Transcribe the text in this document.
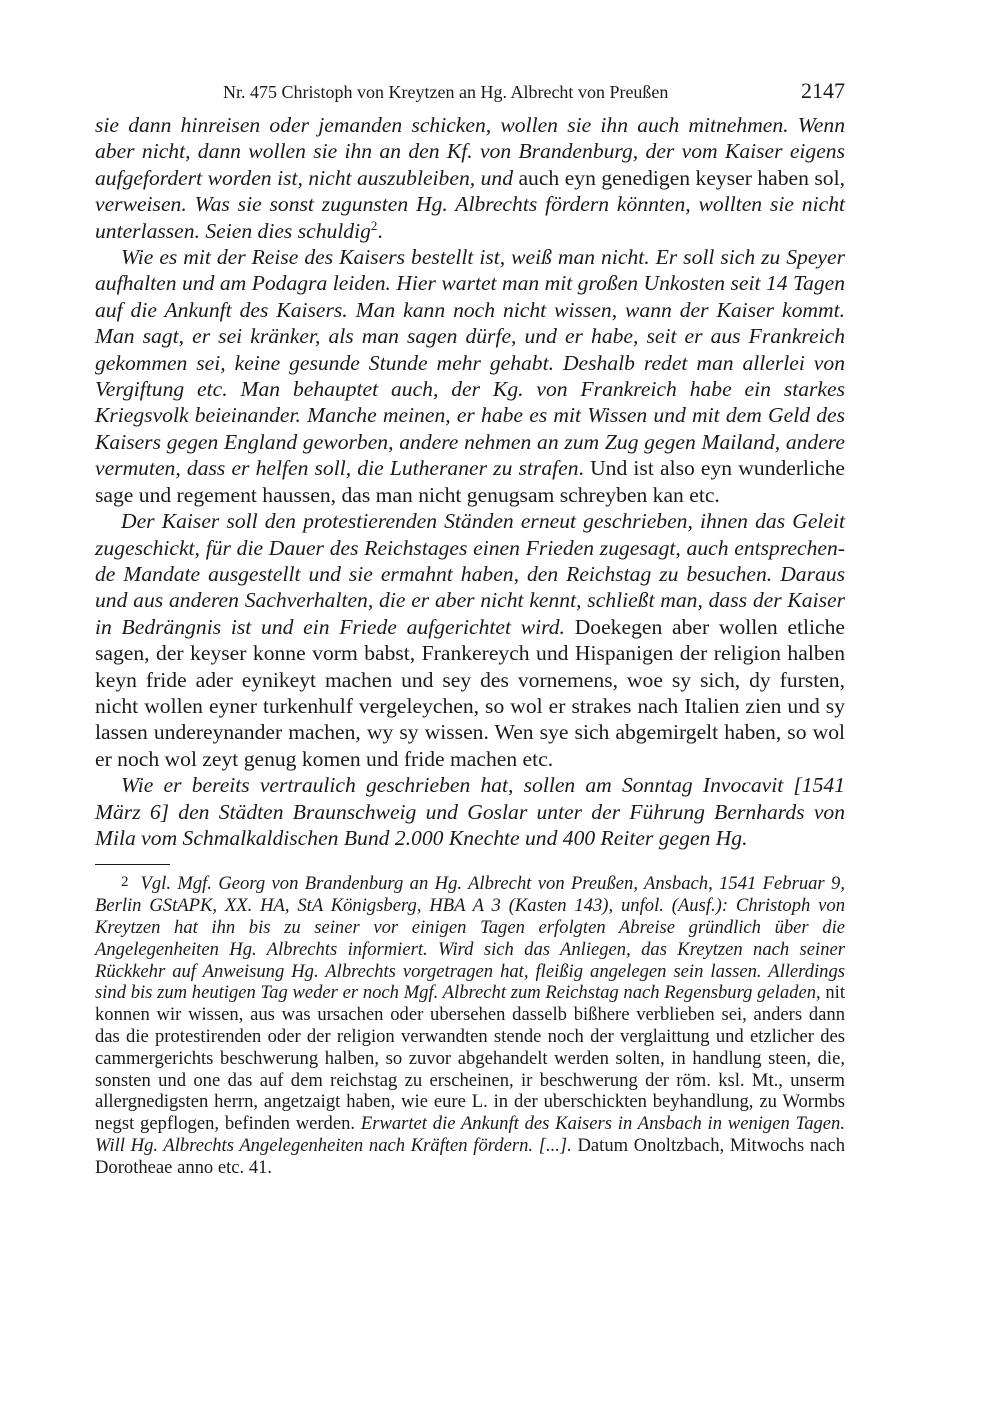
Nr. 475 Christoph von Kreytzen an Hg. Albrecht von Preußen	2147

sie dann hinreisen oder jemanden schicken, wollen sie ihn auch mitnehmen. Wenn aber nicht, dann wollen sie ihn an den Kf. von Brandenburg, der vom Kaiser eigens aufgefordert worden ist, nicht auszubleiben, und auch eyn genedigen keyser haben sol, verweisen. Was sie sonst zugunsten Hg. Albrechts fördern könnten, wollten sie nicht unterlassen. Seien dies schuldig$^2$.

Wie es mit der Reise des Kaisers bestellt ist, weiß man nicht. Er soll sich zu Speyer aufhalten und am Podagra leiden. Hier wartet man mit großen Unkosten seit 14 Tagen auf die Ankunft des Kaisers. Man kann noch nicht wissen, wann der Kaiser kommt. Man sagt, er sei kränker, als man sagen dürfe, und er habe, seit er aus Frankreich gekommen sei, keine gesunde Stunde mehr gehabt. Deshalb redet man allerlei von Vergiftung etc. Man behauptet auch, der Kg. von Frankreich habe ein starkes Kriegsvolk beieinander. Manche meinen, er habe es mit Wissen und mit dem Geld des Kaisers gegen England geworben, andere nehmen an zum Zug gegen Mailand, andere vermuten, dass er helfen soll, die Lutheraner zu strafen. Und ist also eyn wunderliche sage und regement haussen, das man nicht genugsam schreyben kan etc.

Der Kaiser soll den protestierenden Ständen erneut geschrieben, ihnen das Geleit zugeschickt, für die Dauer des Reichstages einen Frieden zugesagt, auch entsprechende Mandate ausgestellt und sie ermahnt haben, den Reichstag zu besuchen. Daraus und aus anderen Sachverhalten, die er aber nicht kennt, schließt man, dass der Kaiser in Bedrängnis ist und ein Friede aufgerichtet wird. Doekegen aber wollen etliche sagen, der keyser konne vorm babst, Frankereych und Hispanigen der religion halben keyn fride ader eynikeyt machen und sey des vornemens, woe sy sich, dy fursten, nicht wollen eyner turkenhulf vergeleychen, so wol er strakes nach Italien zien und sy lassen undereynander machen, wy sy wissen. Wen sye sich abgemirgelt haben, so wol er noch wol zeyt genug komen und fride machen etc.

Wie er bereits vertraulich geschrieben hat, sollen am Sonntag Invocavit [1541 März 6] den Städten Braunschweig und Goslar unter der Führung Bernhards von Mila vom Schmalkaldischen Bund 2.000 Knechte und 400 Reiter gegen Hg.

2 Vgl. Mgf. Georg von Brandenburg an Hg. Albrecht von Preußen, Ansbach, 1541 Februar 9, Berlin GStAPK, XX. HA, StA Königsberg, HBA A 3 (Kasten 143), unfol. (Ausf.): Christoph von Kreytzen hat ihn bis zu seiner vor einigen Tagen erfolgten Abreise gründlich über die Angelegenheiten Hg. Albrechts informiert. Wird sich das Anliegen, das Kreytzen nach seiner Rückkehr auf Anweisung Hg. Albrechts vorgetragen hat, fleißig angelegen sein lassen. Allerdings sind bis zum heutigen Tag weder er noch Mgf. Albrecht zum Reichstag nach Regensburg geladen, nit konnen wir wissen, aus was ursachen oder ubersehen dasselb bißhere verblieben sei, anders dann das die protestirenden oder der religion verwandten stende noch der verglaittung und etzlicher des cammergerichts beschwerung halben, so zuvor abgehandelt werden solten, in handlung steen, die, sonsten und one das auf dem reichstag zu erscheinen, ir beschwerung der röm. ksl. Mt., unserm allergnedigsten herrn, angetzaigt haben, wie eure L. in der uberschickten beyhandlung, zu Wormbs negst gepflogen, befinden werden. Erwartet die Ankunft des Kaisers in Ansbach in wenigen Tagen. Will Hg. Albrechts Angelegenheiten nach Kräften fördern. [...]. Datum Onoltzbach, Mitwochs nach Dorotheae anno etc. 41.
